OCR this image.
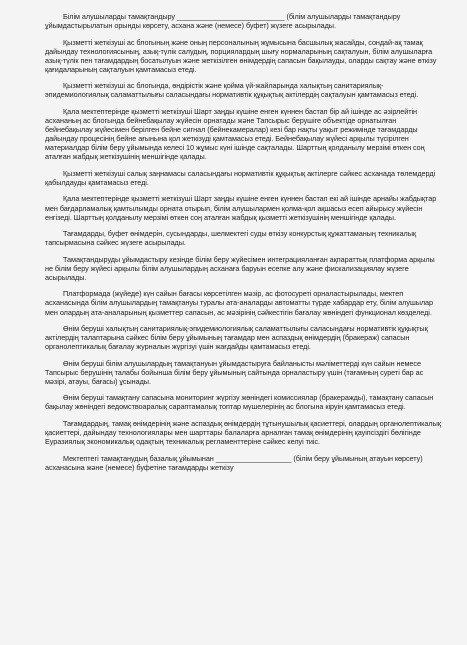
Білім алушыларды тамақтандыру ___________________________ (білім алушыларды тамақтандыру ұйымдастырылатын орынды көрсету, асхана және (немесе) буфет) жүзеге асырылады.

Қызметті жеткізуші ас блогының және оның персоналының жұмысына басшылық жасайды, сондай-ақ тамақ дайындау технологиясының, азық-түлік салудың, порциялардың шығу нормаларының сақталуын, білім алушыларға азық-түлік пен тағамдардың босатылуын және жеткізілген өнімдердің сапасын бақылауды, оларды сақтау және өткізу қағидаларының сақталуын қамтамасыз етеді.

Қызметті жеткізуші ас блогында, өндірістік және қойма үй-жайларында халықтың санитариялық-эпидемиологиялық саламаттылығы саласындағы нормативтік құқықтық актілердің сақталуын қамтамасыз етеді.

Қала мектептерінде қызметті жеткізуші Шарт заңды күшіне енген күннен бастап бір ай ішінде ас әзірлейтін асхананың ас блогында бейнебақылау жүйесін орнатады және Тапсырыс берушіге объектіде орнатылған бейнебақылау жүйесімен берілген бейне сигнал (бейнекамералар) кезі бар нақты уақыт режимінде тағамдарды дайындау процесінің бейне ағынына қол жеткізуді қамтамасыз етеді. Бейнебақылау жүйесі арқылы түсірілген материалдар білім беру ұйымында келесі 10 жұмыс күні ішінде сақталады. Шарттың қолданылу мерзімі өткен соң аталған жабдық жеткізушінің меншігінде қалады.

Қызметті жеткізуші салық заңнамасы саласындағы нормативтік құқықтық актілерге сәйкес асханада төлемдерді қабылдауды қамтамасыз етеді.

Қала мектептерінде қызметті жеткізуші Шарт заңды күшіне енген күннен бастап екі ай ішінде арнайы жабдықтар мен бағдарламалық қамтылымды орната отырып, білім алушылармен қолма-қол ақшасыз есеп айырысу жүйесін енгізеді. Шарттың қолданылу мерзімі өткен соң аталған жабдық қызметті жеткізушінің меншігінде қалады.

Тағамдарды, буфет өнімдерін, сусындарды, шелмектегі суды өткізу конкурстық құжаттаманың техникалық тапсырмасына сәйкес жүзеге асырылады.

Тамақтандыруды ұйымдастыру кезінде білім беру жүйесімен интеграцияланған ақпараттық платформа арқылы не білім беру жүйесі арқылы білім алушылардың асханаға баруын есепке алу және фискализациялау жүзеге асырылады.

Платформада (жүйеде) күн сайын бағасы көрсетілген мәзір, ас фотосуреті орналастырылады, мектеп асханасында білім алушылардың тамақтануы туралы ата-аналарды автоматты түрде хабардар ету, білім алушылар мен олардың ата-аналарының қызметтер сапасын, ас мәзірінің сәйкестігін бағалау жөніндегі функционал көзделеді.

Өнім беруші халықтың санитариялық-эпидемиологиялық саламаттылығы саласындағы нормативтік құқықтық актілердің талаптарына сәйкес білім беру ұйымының тағамдар мен аспаздық өнімдердің (бракераж) сапасын органолептикалық бағалау журналын жүргізуі үшін жағдайды қамтамасыз етеді.

Өнім беруші білім алушылардың тамақтануын ұйымдастыруға байланысты мәліметтерді күн сайын немесе Тапсырыс берушінің талабы бойынша білім беру ұйымының сайтында орналастыру үшін (тағамның суреті бар ас мәзірі, атауы, бағасы) ұсынады.

Өнім беруші тамақтану сапасына мониторинг жүргізу жөніндегі комиссиялар (бракеражды), тамақтану сапасын бақылау жөніндегі ведомствоаралық сараптамалық топтар мүшелерінің ас блогына кіруін қамтамасыз етеді.

Тағамдардың, тамақ өнімдерінің және аспаздық өнімдердің тұтынушылық қасиеттері, олардың органолептикалық қасиеттері, дайындау технологиялары мен шарттары балаларға арналған тамақ өнімдерінің қауіпсіздігі бөлігінде Еуразиялық экономикалық одақтың техникалық регламенттеріне сәйкес келуі тиіс.

Мектептегі тамақтанудың базалық ұйымынан ___________________ (білім беру ұйымының атауын көрсету) асханасына және (немесе) буфетіне тағамдарды жеткізу
